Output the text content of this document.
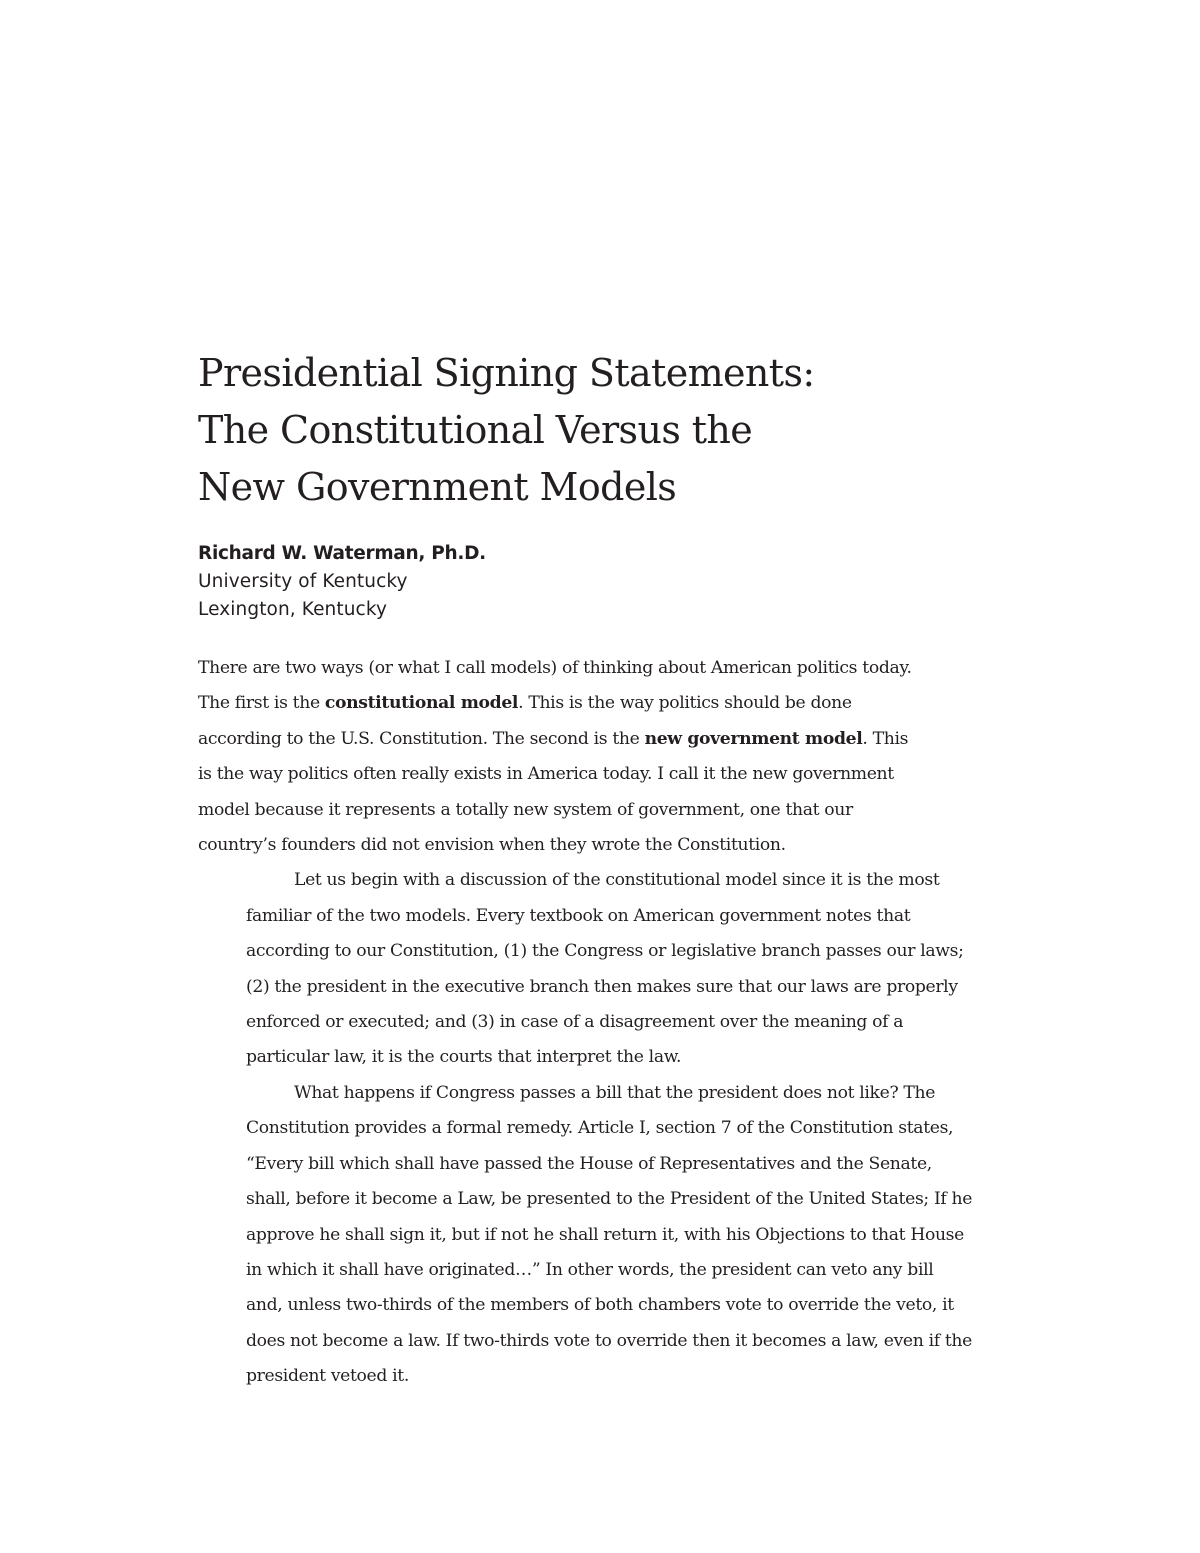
Presidential Signing Statements:
The Constitutional Versus the
New Government Models
Richard W. Waterman, Ph.D.
University of Kentucky
Lexington, Kentucky

There are two ways (or what I call models) of thinking about American politics today.
The first is the constitutional model. This is the way politics should be done
according to the U.S. Constitution. The second is the new government model. This
is the way politics often really exists in America today. I call it the new government
model because it represents a totally new system of government, one that our
country’s founders did not envision when they wrote the Constitution.

Let us begin with a discussion of the constitutional model since it is the most
familiar of the two models. Every textbook on American government notes that
according to our Constitution, (1) the Congress or legislative branch passes our laws;
(2) the president in the executive branch then makes sure that our laws are properly
enforced or executed; and (3) in case of a disagreement over the meaning of a
particular law, it is the courts that interpret the law.

What happens if Congress passes a bill that the president does not like? The
Constitution provides a formal remedy. Article I, section 7 of the Constitution states,
“Every bill which shall have passed the House of Representatives and the Senate,
shall, before it become a Law, be presented to the President of the United States; If he
approve he shall sign it, but if not he shall return it, with his Objections to that House
in which it shall have originated…” In other words, the president can veto any bill
and, unless two-thirds of the members of both chambers vote to override the veto, it
does not become a law. If two-thirds vote to override then it becomes a law, even if the
president vetoed it.
